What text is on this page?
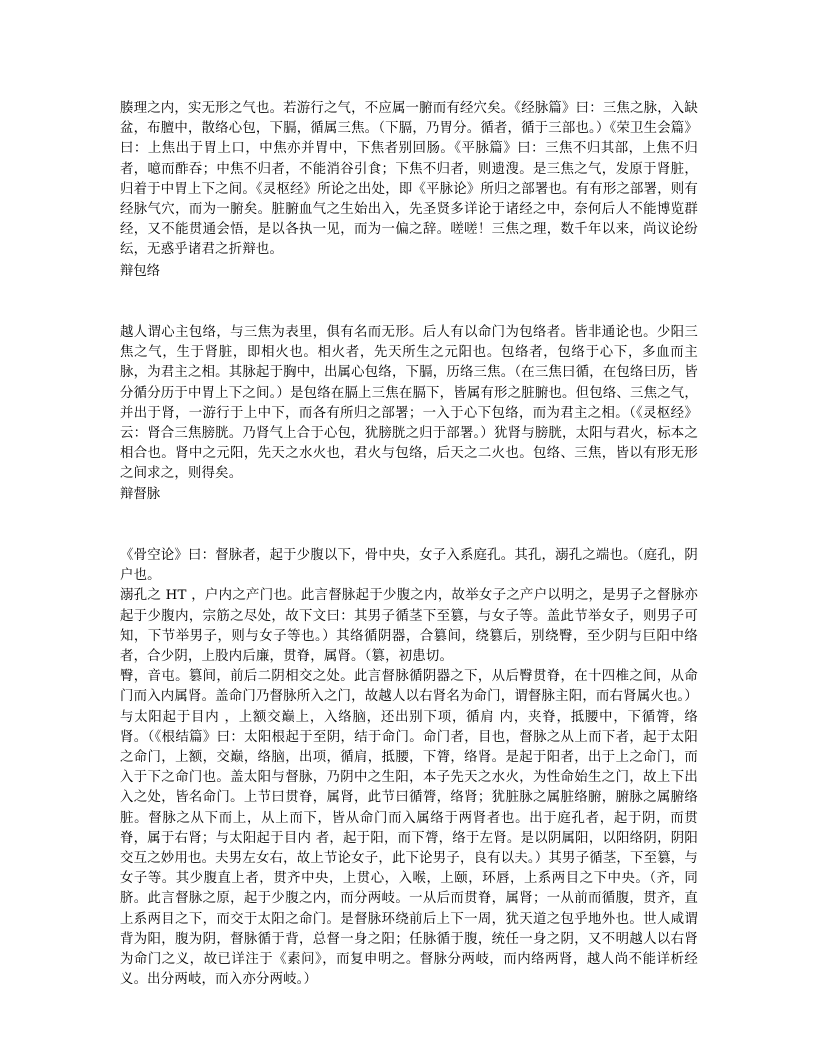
腠理之内，实无形之气也。若游行之气，不应属一腑而有经穴矣。《经脉篇》曰：三焦之脉，入缺盆，布膻中，散络心包，下膈，循属三焦。（下膈，乃胃分。循者，循于三部也。）《荣卫生会篇》曰：上焦出于胃上口，中焦亦并胃中，下焦者别回肠。《平脉篇》曰：三焦不归其部，上焦不归者，噫而酢吞；中焦不归者，不能消谷引食；下焦不归者，则遗溲。是三焦之气，发原于肾脏，归着于中胃上下之间。《灵枢经》所论之出处，即《平脉论》所归之部署也。有有形之部署，则有经脉气穴，而为一腑矣。脏腑血气之生始出入，先圣贤多详论于诸经之中，奈何后人不能博览群经，又不能贯通会悟，是以各执一见，而为一偏之辞。嗟嗟！三焦之理，数千年以来，尚议论纷纭，无惑乎诸君之折辩也。

辩包络

越人谓心主包络，与三焦为表里，俱有名而无形。后人有以命门为包络者。皆非通论也。少阳三焦之气，生于肾脏，即相火也。相火者，先天所生之元阳也。包络者，包络于心下，多血而主脉，为君主之相。其脉起于胸中，出属心包络，下膈，历络三焦。（在三焦曰循，在包络曰历，皆分循分历于中胃上下之间。）是包络在膈上三焦在膈下，皆属有形之脏腑也。但包络、三焦之气，并出于肾，一游行于上中下，而各有所归之部署；一入于心下包络，而为君主之相。（《灵枢经》云：肾合三焦膀胱。乃肾气上合于心包，犹膀胱之归于部署。）犹肾与膀胱，太阳与君火，标本之相合也。肾中之元阳，先天之水火也，君火与包络，后天之二火也。包络、三焦，皆以有形无形之间求之，则得矣。

辩督脉

《骨空论》曰：督脉者，起于少腹以下，骨中央，女子入系庭孔。其孔，溺孔之端也。（庭孔，阴户也。

溺孔之 HT ，户内之产门也。此言督脉起于少腹之内，故举女子之产户以明之，是男子之督脉亦起于少腹内，宗筋之尽处，故下文曰：其男子循茎下至篡，与女子等。盖此节举女子，则男子可知，下节举男子，则与女子等也。）其络循阴器，合篡间，绕篡后，别绕臀，至少阴与巨阳中络者，合少阴，上股内后廉，贯脊，属肾。（篡，初患切。

臀，音屯。篡间，前后二阴相交之处。此言督脉循阴器之下，从后臀贯脊，在十四椎之间，从命门而入内属肾。盖命门乃督脉所入之门，故越人以右肾名为命门，谓督脉主阳，而右肾属火也。）与太阳起于目内 ，上额交巅上，入络脑，还出别下项，循肩 内，夹脊，抵腰中，下循膂，络肾。（《根结篇》曰：太阳根起于至阴，结于命门。命门者，目也，督脉之从上而下者，起于太阳之命门，上额，交巅，络脑，出项，循肩，抵腰，下膂，络肾。是起于阳者，出于上之命门，而入于下之命门也。盖太阳与督脉，乃阴中之生阳，本子先天之水火，为性命始生之门，故上下出入之处，皆名命门。上节曰贯脊，属肾，此节曰循膂，络肾；犹脏脉之属脏络腑，腑脉之属腑络脏。督脉之从下而上，从上而下，皆从命门而入属络于两肾者也。出于庭孔者，起于阴，而贯脊，属于右肾；与太阳起于目内 者，起于阳，而下膂，络于左肾。是以阴属阳，以阳络阴，阴阳交互之妙用也。夫男左女右，故上节论女子，此下论男子，良有以夫。）其男子循茎，下至篡，与女子等。其少腹直上者，贯齐中央，上贯心，入喉，上颐，环唇，上系两目之下中央。（齐，同脐。此言督脉之原，起于少腹之内，而分两岐。一从后而贯脊，属肾；一从前而循腹，贯齐，直上系两目之下，而交于太阳之命门。是督脉环绕前后上下一周，犹天道之包乎地外也。世人咸谓背为阳，腹为阴，督脉循于背，总督一身之阳；任脉循于腹，统任一身之阴，又不明越人以右肾为命门之义，故已详注于《素问》，而复申明之。督脉分两岐，而内络两肾，越人尚不能详析经义。出分两岐，而入亦分两岐。）
